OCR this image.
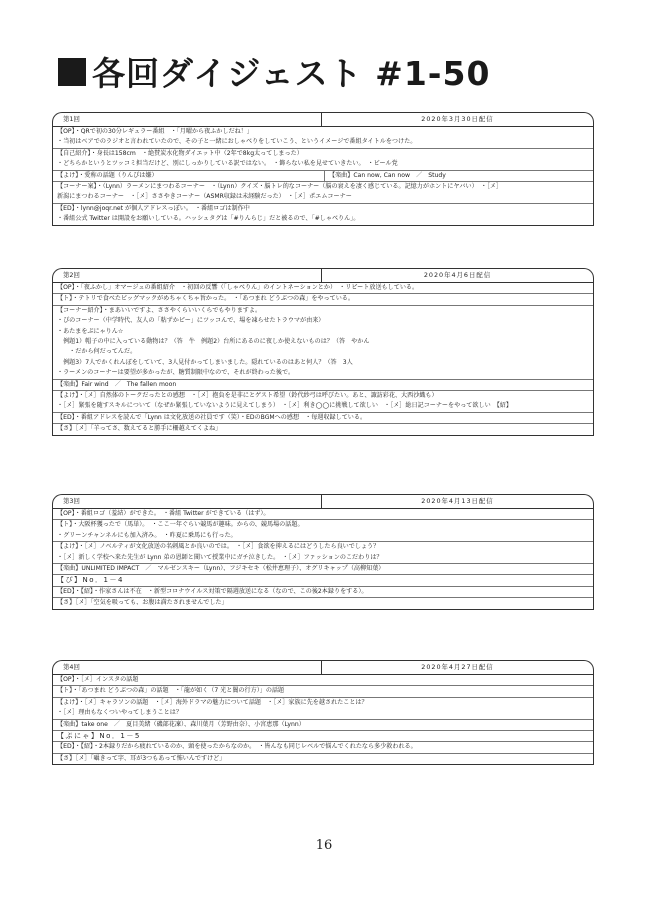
各回ダイジェスト #1-50
第1回	2020年3月30日配信
【OP】・QRで初の30分レギュラー番組　・「月曜から夜ふかしだね！」
・当初はベアでのラジオと言われていたので、その子と一緒におしゃべりをしていこう、というイメージで番組タイトルをつけた。
【自己紹介】・身長は158cm　・絶賛炭水化物ダイエット中（2年で8kg太ってしまった）
・どちらかというとツッコミ担当だけど、別にしっかりしている訳ではない。　・飾らない私を見せていきたい。　・ビール党
【よけ】・愛称の話題（りんぴは嫌）	【楽曲】Can now, Can now　／　Study
【コーナー案】・（Lynn）ラーメンにまつわるコーナー　・（Lynn）クイズ・脳トレ的なコーナー（脳の衰えを凄く感じている。記憶力がホントにヤバい）　・［メ］
新潟にまつわるコーナー　・［メ］ささやきコーナー（ASMR収録は未経験だった）　・［メ］ポエムコーナー
【ED】・lynn@joqr.net が個人アドレスっぽい。　・番組ロゴは制作中
・番組公式 Twitter は開設をお願いしている。ハッシュタグは「#りんらじ」だと被るので、「#しゃべりん」。
第2回	2020年4月6日配信
【OP】・「夜ふかし」オマージュの番組紹介　・初回の反響（「しゃべりん」のイントネーションとか）　・リピート放送もしている。
【ト】・テトリで食べたビッグマックがめちゃくちゃ旨かった。　・「あつまれ どうぶつの森」をやっている。
【コーナー紹介】・まあいいですよ、ささやくらいいくらでもやりますよ。
・ぴのコーナー（中学時代、友人の「粘ずかピー」にツッコんで、場を凍らせたトラウマが由来）
・あたまをぷにゃりん☆
　例題1）帽子の中に入っている動物は？（答　牛　例題2）台所にあるのに夜しか使えないものは？（答　やかん
　　・だから何だってんだ。
　例題3）7人でかくれんぼをしていて、3人見付かってしまいました。隠れているのはあと何人？（答　3人
・ラーメンのコーナーは要望が多かったが、糖質制限中なので、それが終わった後で。
【楽曲】Fair wind　／　The fallen moon
【よけ】・［メ］自然体のトークだったとの感想　・［メ］抱負を是非にとゲスト希望（鈴代紗弓は呼びたい。あと、諏訪彩花、大西沙織も）
・［メ］緊張を随すスキルについて（なぜか緊張していないように見えてしまう）　・［メ］利き◯◯に挑戦して欲しい　・［メ］総日記コーナーをやって欲しい　【紹】
【ED】・番組アドレスを読んで「Lynn は文化放送の社員です（笑）・EDのBGMへの感想　・毎週収録している。
【さ】［メ］「羊ってさ、数えてると勝手に柵越えてくよね」
第3回	2020年4月13日配信
【OP】・番組ロゴ（羞結）ができた。　・番組 Twitter ができている（はず）。
【ト】・大阪杯獲ったで（馬単）。　・ここ一年ぐらい競馬が趣味。からの、競馬場の話題。
・グリーンチャンネルにも加入済み。　・昨夏に乗馬にも行った。
【よけ】・［メ］ノベルティが文化放送の名刺風とか良いのでは。　・［メ］食欲を抑えるにはどうしたら良いでしょう？
・［メ］新しく学校へ来た先生が Lynn 弟の恩師と聞いて授業中にガチ泣きした。　・［メ］ファッションのこだわりは？
【楽曲】UNLIMITED IMPACT　／　マルゼンスキー（Lynn）、フジキセキ（松井恵理子）、オグリキャップ（高柳知葉）
【ぴ】No．1－4
【ED】・【紹】・作家さんは不在　・新型コロナウイルス対策で隔週放送になる（なので、この後2本録りをする）。
【さ】［メ］「空気を吸っても、お腹は満たされませんでした」
第4回	2020年4月27日配信
【OP】・［メ］インスタの話題
【ト】・「あつまれ どうぶつの森」の話題　・「龍が如く（7 光と闇の行方）」の話題
【よけ】・［メ］キャラソンの話題　・［メ］海外ドラマの魅力について話題　・［メ］家族に先を越されたことは？
・［メ］理由もなくついやってしまうことは？
【楽曲】take one　／　夏目美緒（磯部花凜）、森川葉月（芳野由奈）、小宮恵那（Lynn）
【ぷにゃ】No．1－5
【ED】・【紹】・2本録りだから疲れているのか、頭を使ったからなのか。　・皆んなも同じレベルで悩んでくれたなら多少救われる。
【さ】［メ］「囁きって字、耳が3つもあって怖いんですけど」
16
